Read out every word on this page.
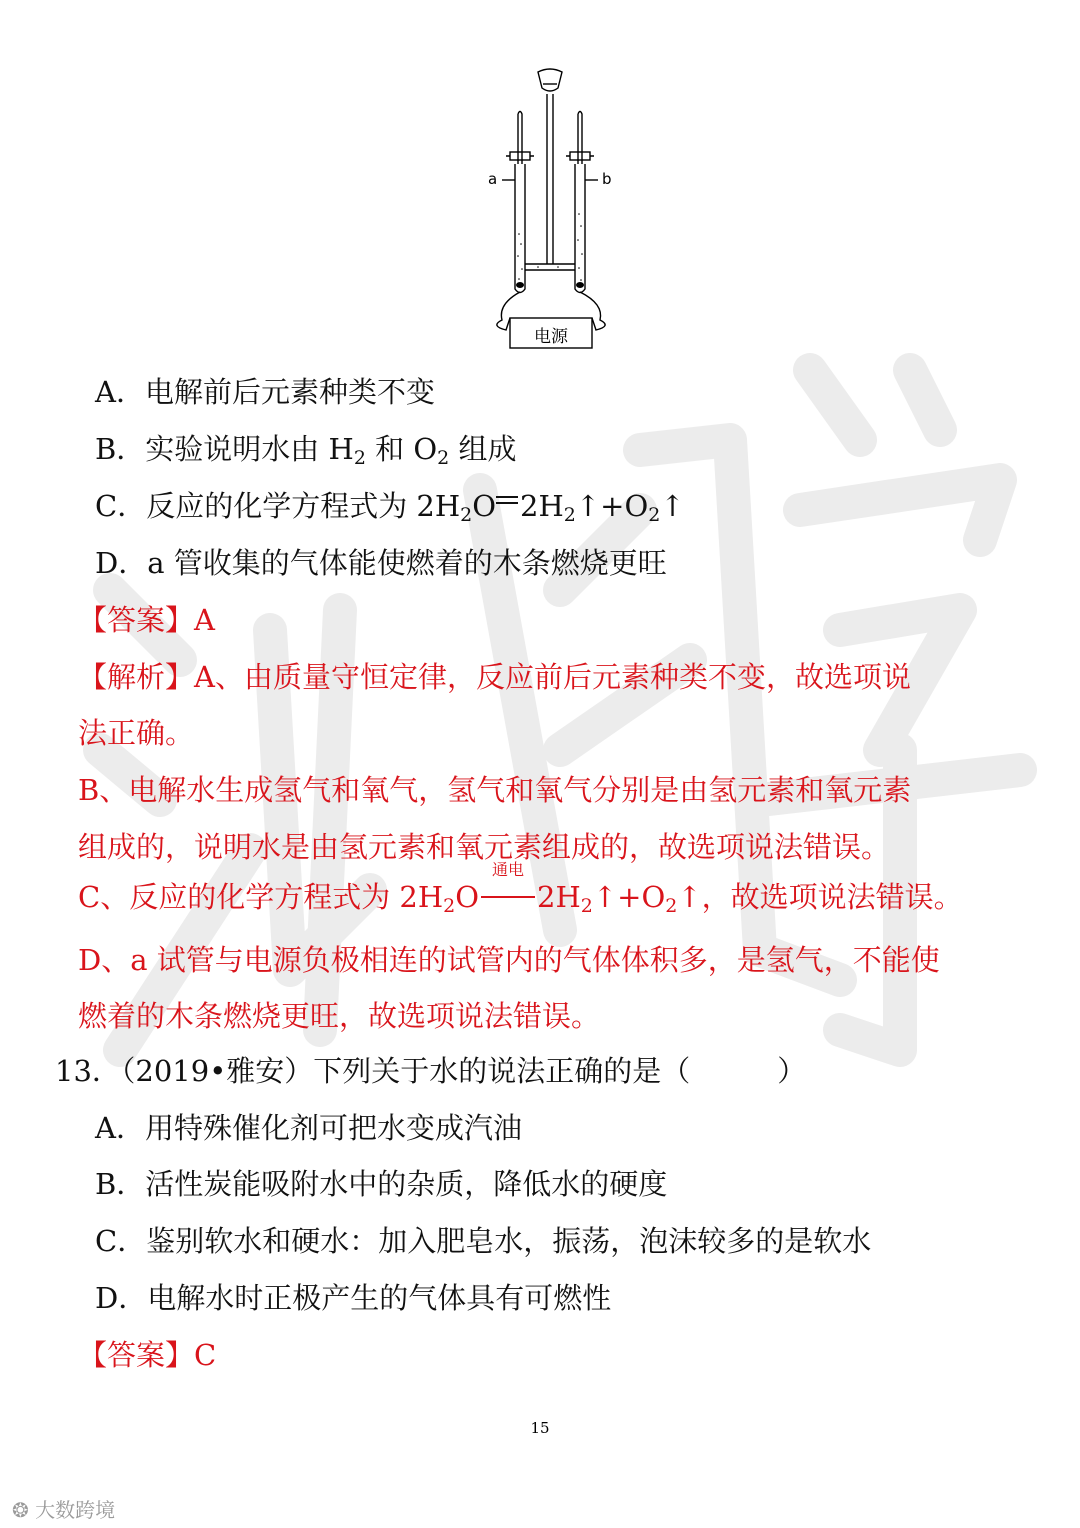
a	b
电源
A．电解前后元素种类不变
B．实验说明水由 $H_2$ 和 $O_2$ 组成
C．反应的化学方程式为 $2H_2O$ $2H_2↑+O_2↑$
D．a 管收集的气体能使燃着的木条燃烧更旺
【答案】A
【解析】A、由质量守恒定律，反应前后元素种类不变，故选项说
法正确。
B、电解水生成氢气和氧气，氢气和氧气分别是由氢元素和氧元素
组成的，说明水是由氢元素和氧元素组成的，故选项说法错误。
C、反应的化学方程式为 $2H_2O$
通电
$2H_2↑+O_2↑$，故选项说法错误。
D、a 试管与电源负极相连的试管内的气体体积多，是氢气，不能使
燃着的木条燃烧更旺，故选项说法错误。
13．（2019•雅安）下列关于水的说法正确的是（　　　）
A．用特殊催化剂可把水变成汽油
B．活性炭能吸附水中的杂质，降低水的硬度
C．鉴别软水和硬水：加入肥皂水，振荡，泡沫较多的是软水
D．电解水时正极产生的气体具有可燃性
【答案】C
15
❂ 大数跨境
